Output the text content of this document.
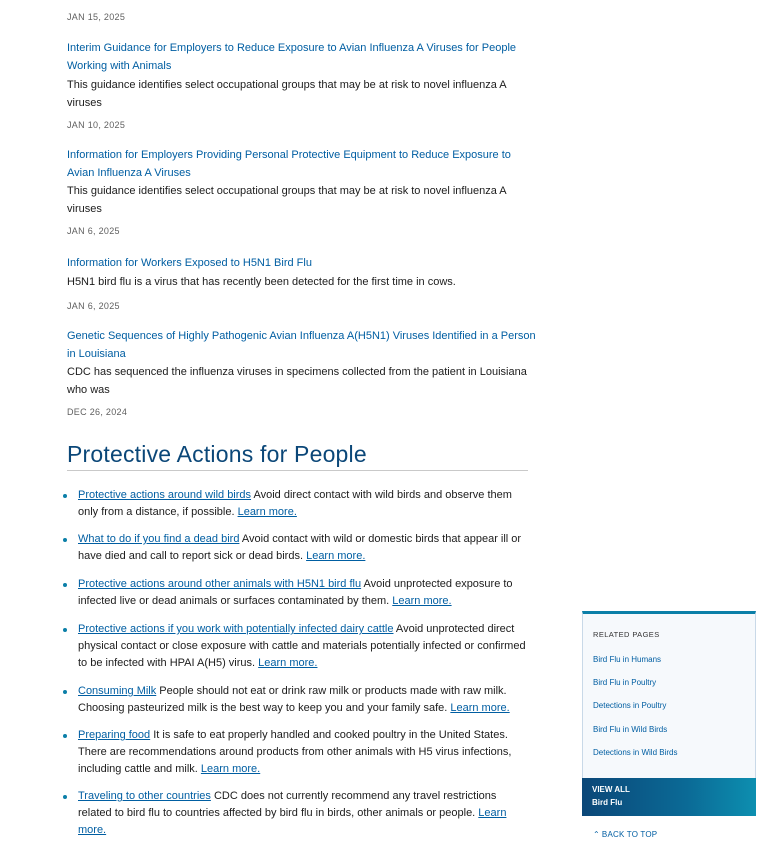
JAN 15, 2025
Interim Guidance for Employers to Reduce Exposure to Avian Influenza A Viruses for People Working with Animals
This guidance identifies select occupational groups that may be at risk to novel influenza A viruses
JAN 10, 2025
Information for Employers Providing Personal Protective Equipment to Reduce Exposure to Avian Influenza A Viruses
This guidance identifies select occupational groups that may be at risk to novel influenza A viruses
JAN 6, 2025
Information for Workers Exposed to H5N1 Bird Flu
H5N1 bird flu is a virus that has recently been detected for the first time in cows.
JAN 6, 2025
Genetic Sequences of Highly Pathogenic Avian Influenza A(H5N1) Viruses Identified in a Person in Louisiana
CDC has sequenced the influenza viruses in specimens collected from the patient in Louisiana who was
DEC 26, 2024
Protective Actions for People
Protective actions around wild birds Avoid direct contact with wild birds and observe them only from a distance, if possible. Learn more.
What to do if you find a dead bird Avoid contact with wild or domestic birds that appear ill or have died and call to report sick or dead birds. Learn more.
Protective actions around other animals with H5N1 bird flu Avoid unprotected exposure to infected live or dead animals or surfaces contaminated by them. Learn more.
Protective actions if you work with potentially infected dairy cattle Avoid unprotected direct physical contact or close exposure with cattle and materials potentially infected or confirmed to be infected with HPAI A(H5) virus. Learn more.
Consuming Milk People should not eat or drink raw milk or products made with raw milk. Choosing pasteurized milk is the best way to keep you and your family safe. Learn more.
Preparing food It is safe to eat properly handled and cooked poultry in the United States. There are recommendations around products from other animals with H5 virus infections, including cattle and milk. Learn more.
Traveling to other countries CDC does not currently recommend any travel restrictions related to bird flu to countries affected by bird flu in birds, other animals or people. Learn more.
RELATED PAGES
Bird Flu in Humans
Bird Flu in Poultry
Detections in Poultry
Bird Flu in Wild Birds
Detections in Wild Birds
VIEW ALL
Bird Flu
⌃ BACK TO TOP
